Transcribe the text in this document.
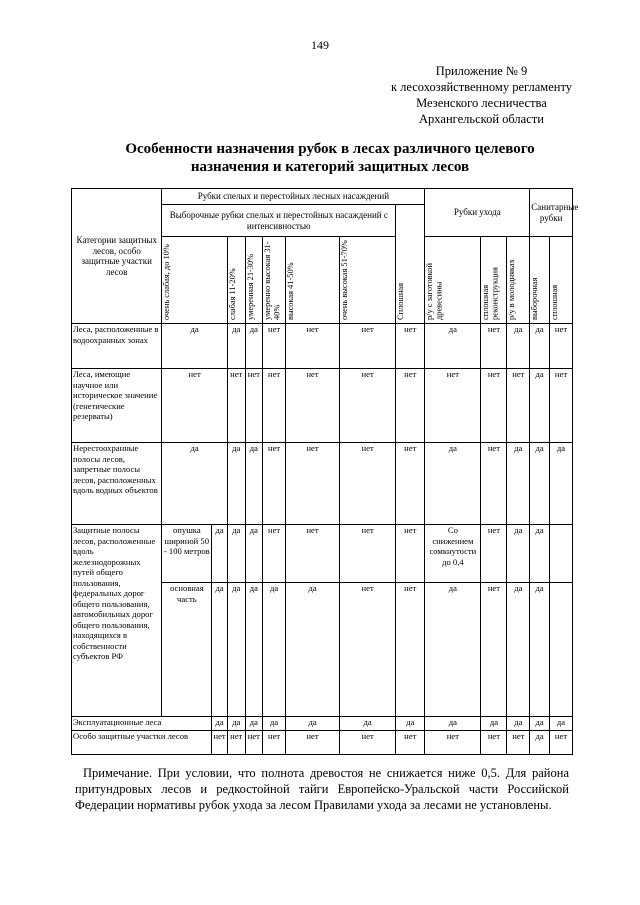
149
Приложение № 9
к лесохозяйственному регламенту
Мезенского лесничества
Архангельской области
Особенности назначения рубок в лесах различного целевого
назначения и категорий защитных лесов
Категории защитных лесов, особо защитные участки лесов	Рубки спелых и перестойных лесных насаждений								Рубки ухода			Санитарные рубки	
	Выборочные рубки спелых и перестойных насаждений с интенсивностью							Сплошная					

	очень слабая, до 10%		слабая 11-20%	умеренная 21-30%	умеренно высокая 31-40%	высокая 41-50%	очень высокая 51-70%		р/у с заготовкой древесины	сплошная реконструкция	р/у в молодняках	выборочная	сплошная

Леса, расположенные в водоохранных зонах	да		да	да	нет	нет	нет	нет	да	нет	да	да	нет
Леса, имеющие научное или историческое значение (генетические резерваты)	нет		нет	нет	нет	нет	нет	нет	нет	нет	нет	да	нет
Нерестоохранные полосы лесов, запретные полосы лесов, расположенных вдоль водных объектов	да		да	да	нет	нет	нет	нет	да	нет	да	да	да
Защитные полосы лесов, расположенные вдоль железнодорожных путей общего пользования, федеральных дорог общего пользования, автомобильных дорог общего пользования, находящихся в собственности субъектов РФ	опушка шириной 50 - 100 метров	да	да	да	нет	нет	нет	нет	Со снижением сомкнутости до 0,4	нет	да	да	
	основная часть	да	да	да	да	да	нет	нет	да	нет	да	да	
Эксплуатационные леса		да	да	да	да	да	да	да	да	да	да	да	да
Особо защитные участки лесов		нет	нет	нет	нет	нет	нет	нет	нет	нет	нет	да	нет
Примечание. При условии, что полнота древостоя не снижается ниже 0,5. Для района притундровых лесов и редкостойной тайги Европейско-Уральской части Российской Федерации нормативы рубок ухода за лесом Правилами ухода за лесами не установлены.
